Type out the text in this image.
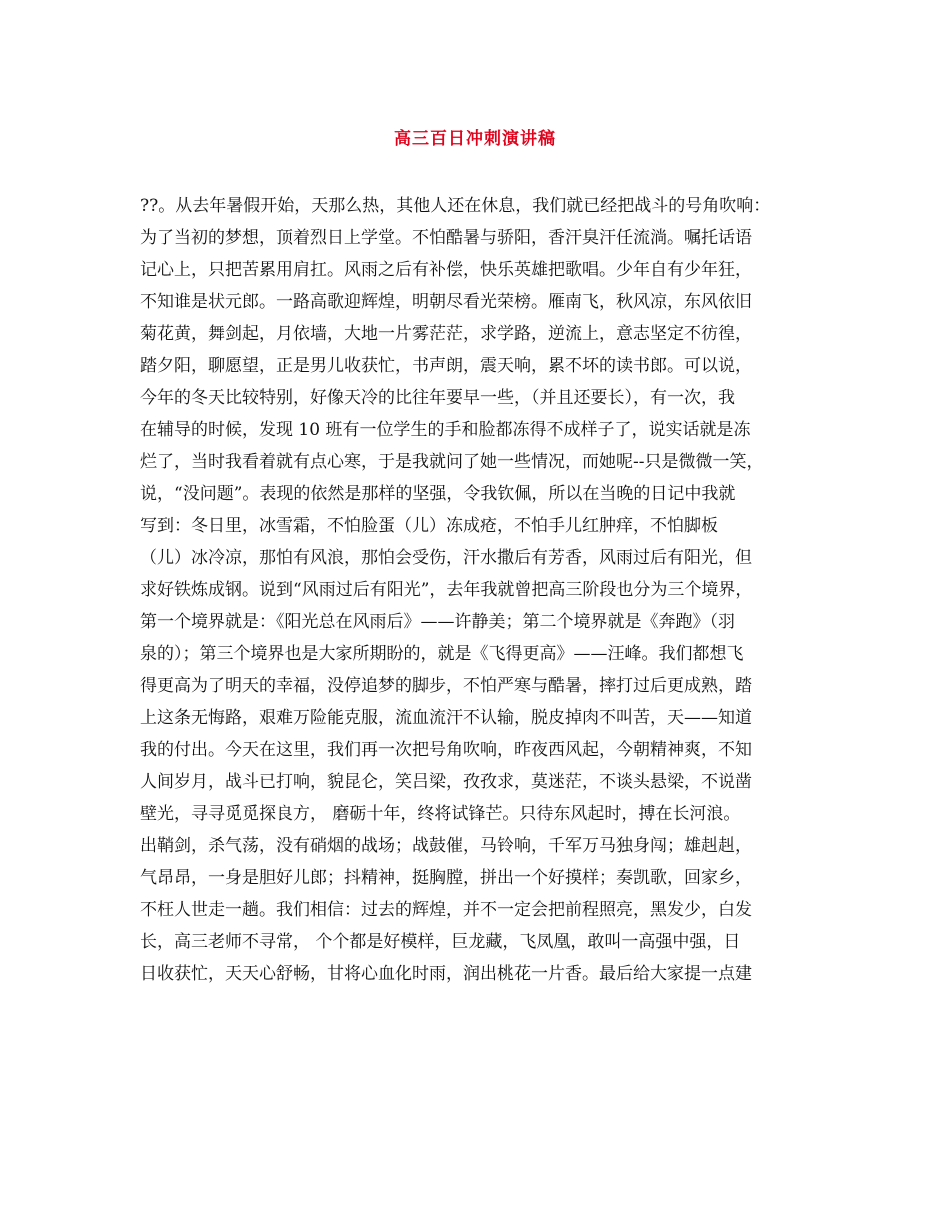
高三百日冲刺演讲稿
??。从去年暑假开始，天那么热，其他人还在休息，我们就已经把战斗的号角吹响：
为了当初的梦想，顶着烈日上学堂。不怕酷暑与骄阳，香汗臭汗任流淌。嘱托话语
记心上，只把苦累用肩扛。风雨之后有补偿，快乐英雄把歌唱。少年自有少年狂，
不知谁是状元郎。一路高歌迎辉煌，明朝尽看光荣榜。雁南飞，秋风凉，东风依旧
菊花黄，舞剑起，月依墙，大地一片雾茫茫，求学路，逆流上，意志坚定不彷徨，
踏夕阳，聊愿望，正是男儿收获忙，书声朗，震天响，累不坏的读书郎。可以说，
今年的冬天比较特别，好像天冷的比往年要早一些，（并且还要长），有一次，我
在辅导的时候，发现 10 班有一位学生的手和脸都冻得不成样子了，说实话就是冻
烂了，当时我看着就有点心寒，于是我就问了她一些情况，而她呢--只是微微一笑，
说，“没问题”。表现的依然是那样的坚强，令我钦佩，所以在当晚的日记中我就
写到：冬日里，冰雪霜，不怕脸蛋（儿）冻成疮，不怕手儿红肿痒，不怕脚板
（儿）冰冷凉，那怕有风浪，那怕会受伤，汗水撒后有芳香，风雨过后有阳光，但
求好铁炼成钢。说到“风雨过后有阳光”，去年我就曾把高三阶段也分为三个境界，
第一个境界就是：《阳光总在风雨后》——许静美；第二个境界就是《奔跑》（羽
泉的）；第三个境界也是大家所期盼的，就是《飞得更高》——汪峰。我们都想飞
得更高为了明天的幸福，没停追梦的脚步，不怕严寒与酷暑，摔打过后更成熟，踏
上这条无悔路，艰难万险能克服，流血流汗不认输，脱皮掉肉不叫苦，天——知道
我的付出。今天在这里，我们再一次把号角吹响，昨夜西风起，今朝精神爽，不知
人间岁月，战斗已打响，貌昆仑，笑吕梁，孜孜求，莫迷茫，不谈头悬梁，不说凿
壁光，寻寻觅觅探良方， 磨砺十年，终将试锋芒。只待东风起时，搏在长河浪。
出鞘剑，杀气荡，没有硝烟的战场；战鼓催，马铃响，千军万马独身闯；雄赳赳，
气昂昂，一身是胆好儿郎；抖精神，挺胸膛，拼出一个好摸样；奏凯歌，回家乡，
不枉人世走一趟。我们相信：过去的辉煌，并不一定会把前程照亮，黑发少，白发
长，高三老师不寻常， 个个都是好模样，巨龙藏，飞凤凰，敢叫一高强中强，日
日收获忙，天天心舒畅，甘将心血化时雨，润出桃花一片香。最后给大家提一点建
